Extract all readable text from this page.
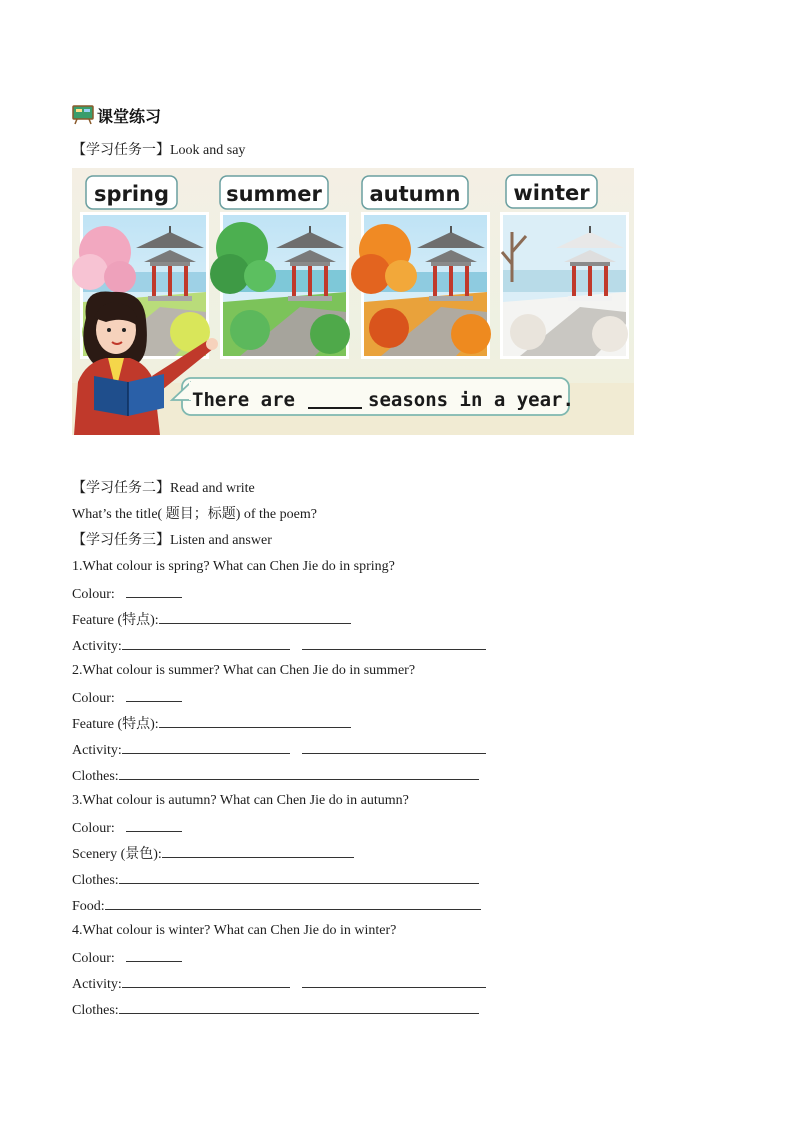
课堂练习
【学习任务一】Look and say
spring	summer autumn	winter
There are	seasons in a year.
【学习任务二】Read and write
What’s the title( 题目；标题) of the poem?
【学习任务三】Listen and answer
1.What colour is spring? What can Chen Jie do in spring?
Colour:
Feature (特点):
Activity:
2.What colour is summer? What can Chen Jie do in summer?
Colour:
Feature (特点):
Activity:
Clothes:
3.What colour is autumn? What can Chen Jie do in autumn?
Colour:
Scenery (景色):
Clothes:
Food:
4.What colour is winter? What can Chen Jie do in winter?
Colour:
Activity:
Clothes:
